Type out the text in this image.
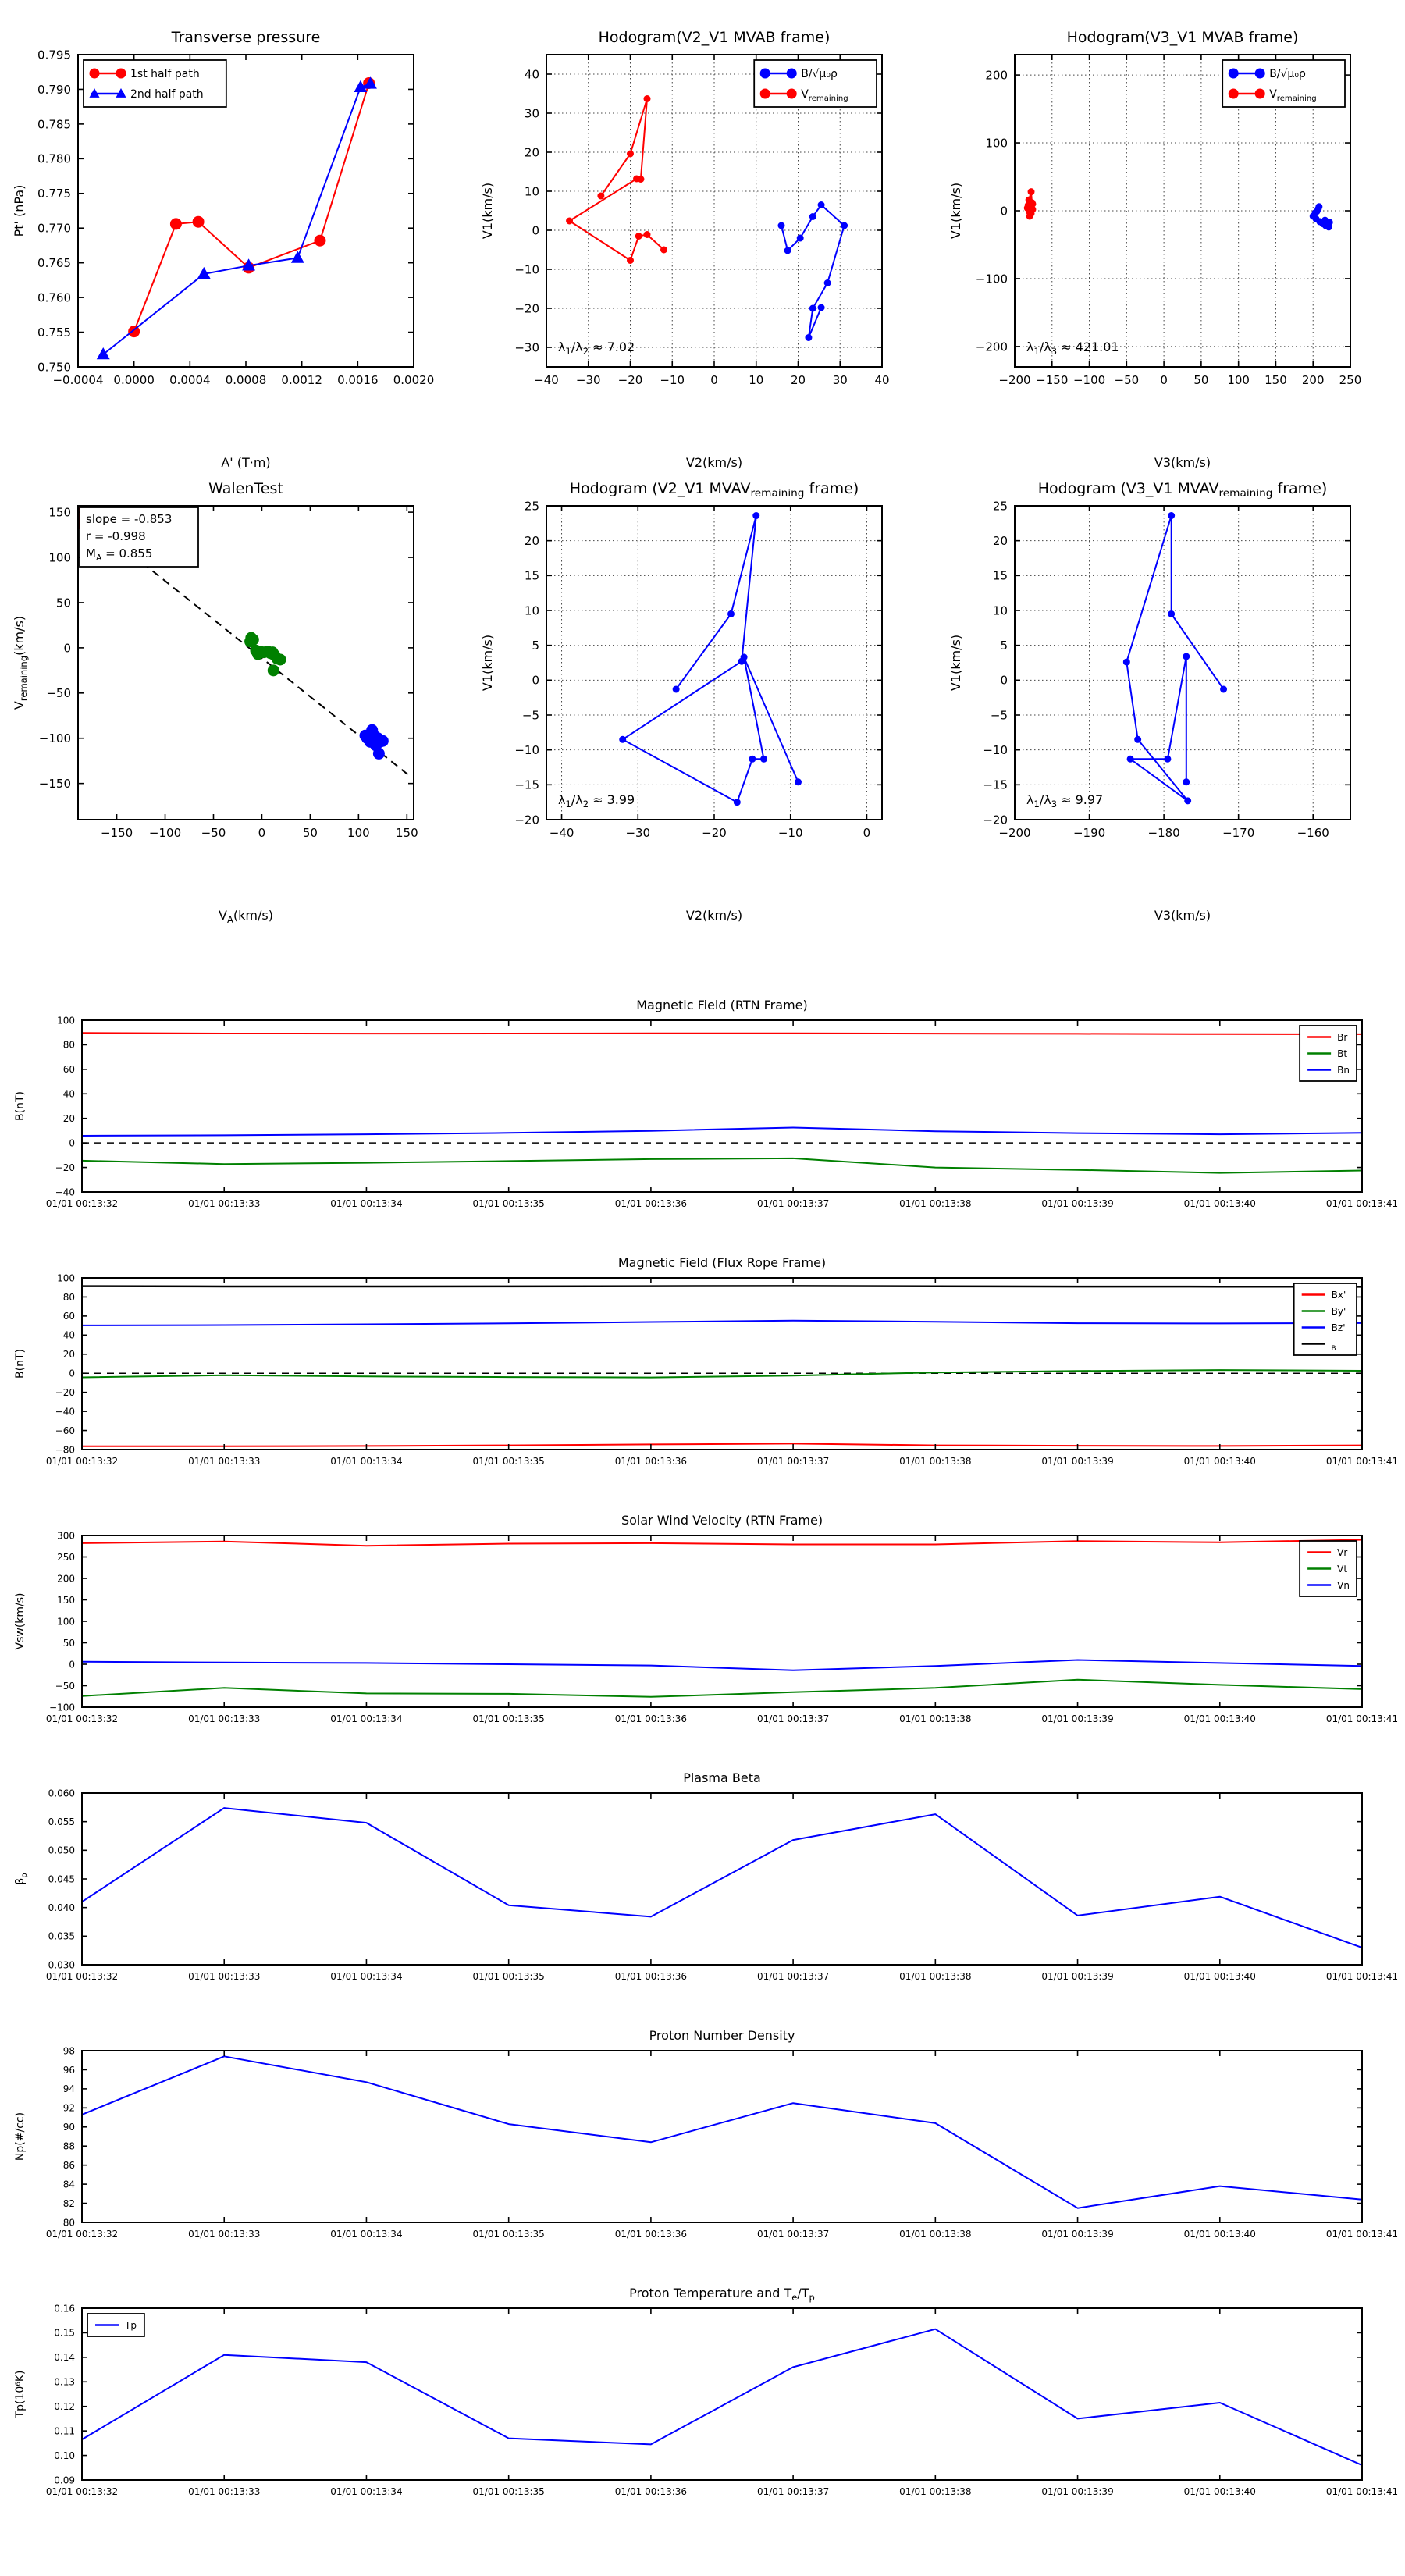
−0.0004 0.0000 0.0004 0.0008 0.0012 0.0016 0.0020
0.750
0.755
0.760
0.765
0.770
0.775
0.780
0.785
0.790
0.795
Transverse pressure
A' (T·m)
Pt' (nPa)
1st half path
2nd half path
−40 −30 −20 −10 0	10 20 30 40
−30
−20
−10
0
10
20
30
40
Hodogram(V2_V1 MVAB frame)
V2(km/s)
V1(km/s)
$\lambda_1/\lambda_2 \approx 7.02$
B/√μ₀ρ
$V_{remaining}$
−200 −150 −100 −50 0 50 100 150 200 250
−200
−100
0
100
200
Hodogram(V3_V1 MVAB frame)
V3(km/s)
V1(km/s)
$\lambda_1/\lambda_3 \approx 421.01$
B/√μ₀ρ
$V_{remaining}$
−150 −100 −50	0	50	100 150
−150
−100
−50
0
50
100
150
WalenTest
$V_A(km/s)$
$V_{remaining}(km/s)$
slope = -0.853
r = -0.998
$M_A = 0.855$
−40	−30	−20	−10	0
−20
−15
−10
−5
0
5
10
15
20
25
Hodogram (V2_V1 $MVAV_{remaining}$ frame)
V2(km/s)
V1(km/s)
$\lambda_1/\lambda_2 \approx 3.99$
−200	−190	−180	−170	−160
−20
−15
−10
−5
0
5
10
15
20
25
Hodogram (V3_V1 $MVAV_{remaining}$ frame)
V3(km/s)
V1(km/s)
$\lambda_1/\lambda_3 \approx 9.97$
01/01 00:13:32	01/01 00:13:33	01/01 00:13:34	01/01 00:13:35	01/01 00:13:36	01/01 00:13:37	01/01 00:13:38	01/01 00:13:39	01/01 00:13:40	01/01 00:13:41
−40
−20
0
20
40
60
80
100
Magnetic Field (RTN Frame)
B(nT)
Br
Bt
Bn
01/01 00:13:32	01/01 00:13:33	01/01 00:13:34	01/01 00:13:35	01/01 00:13:36	01/01 00:13:37	01/01 00:13:38	01/01 00:13:39	01/01 00:13:40	01/01 00:13:41
−80
−60
−40
−20
0
20
40
60
80
100
Magnetic Field (Flux Rope Frame)
B(nT)
Bx'
By'
Bz'
$_B$
01/01 00:13:32	01/01 00:13:33	01/01 00:13:34	01/01 00:13:35	01/01 00:13:36	01/01 00:13:37	01/01 00:13:38	01/01 00:13:39	01/01 00:13:40	01/01 00:13:41
−100
−50
0
50
100
150
200
250
300
Solar Wind Velocity (RTN Frame)
Vsw(km/s)
Vr
Vt
Vn
01/01 00:13:32	01/01 00:13:33	01/01 00:13:34	01/01 00:13:35	01/01 00:13:36	01/01 00:13:37	01/01 00:13:38	01/01 00:13:39	01/01 00:13:40	01/01 00:13:41
0.030
0.035
0.040
0.045
0.050
0.055
0.060
Plasma Beta
$\beta_p$
01/01 00:13:32	01/01 00:13:33	01/01 00:13:34	01/01 00:13:35	01/01 00:13:36	01/01 00:13:37	01/01 00:13:38	01/01 00:13:39	01/01 00:13:40	01/01 00:13:41
80
82
84
86
88
90
92
94
96
98
Proton Number Density
Np(#/cc)
01/01 00:13:32	01/01 00:13:33	01/01 00:13:34	01/01 00:13:35	01/01 00:13:36	01/01 00:13:37	01/01 00:13:38	01/01 00:13:39	01/01 00:13:40	01/01 00:13:41
0.09
0.10
0.11
0.12
0.13
0.14
0.15
0.16
Proton Temperature and $T_e/T_p$
Tp(10⁶K)
Tp
